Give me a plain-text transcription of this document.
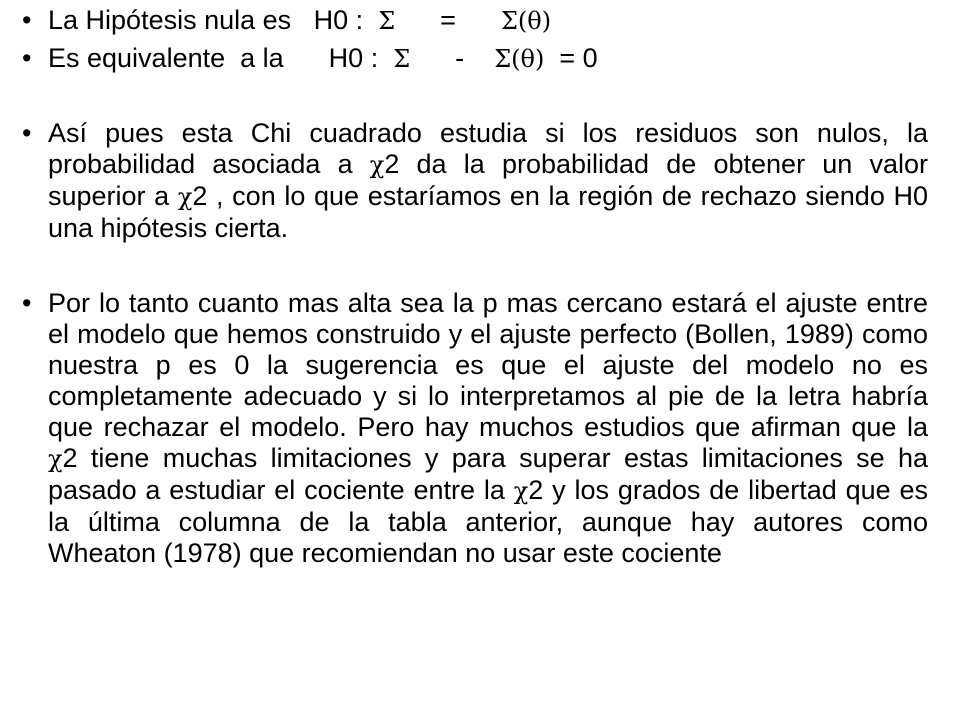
• La Hipótesis nula es   H0 :  Σ      =      Σ(θ)
• Es equivalente  a la      H0 :  Σ      -    Σ(θ)  = 0
• Así pues esta Chi cuadrado estudia si los residuos son nulos, la probabilidad asociada a χ2 da la probabilidad de obtener un valor superior a χ2 , con lo que estaríamos en la región de rechazo siendo H0 una hipótesis cierta.
• Por lo tanto cuanto mas alta sea la p mas cercano estará el ajuste entre el modelo que hemos construido y el ajuste perfecto (Bollen, 1989) como nuestra p es 0 la sugerencia es que el ajuste del modelo no es completamente adecuado y si lo interpretamos al pie de la letra habría que rechazar el modelo. Pero hay muchos estudios que afirman que la χ2 tiene muchas limitaciones y para superar estas limitaciones se ha pasado a estudiar el cociente entre la χ2 y los grados de libertad que es la última columna de la tabla anterior, aunque hay autores como Wheaton (1978) que recomiendan no usar este cociente
